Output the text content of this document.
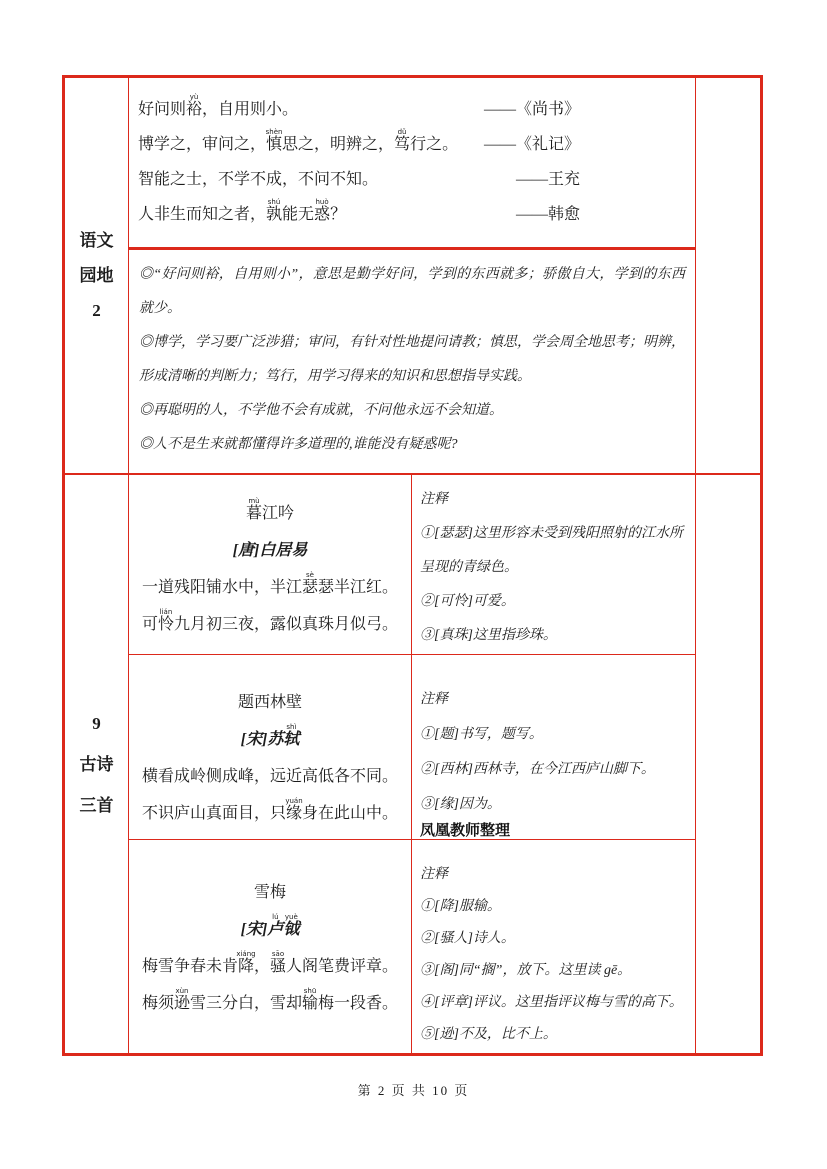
语文
园地
2
好问则裕yù，自用则小。	——《尚书》
博学之，审问之，慎shèn思之，明辨之，笃dǔ行之。 ——《礼记》
智能之士，不学不成，不问不知。	——王充
人非生而知之者，孰shú能无惑huò？	——韩愈
◎“好问则裕，自用则小”，意思是勤学好问，学到的东西就多；骄傲自大，学到的东西就少。
◎博学，学习要广泛涉猎；审问，有针对性地提问请教；慎思，学会周全地思考；明辨，形成清晰的判断力；笃行，用学习得来的知识和思想指导实践。
◎再聪明的人，不学他不会有成就，不问他永远不会知道。
◎人不是生来就都懂得许多道理的,谁能没有疑惑呢?
9
古诗
三首
暮mù江吟
[唐]白居易
一道残阳铺水中，半江瑟sè瑟半江红。
可怜lián九月初三夜，露似真珠月似弓。
注释
①[瑟瑟]这里形容未受到残阳照射的江水所呈现的青绿色。
②[可怜]可爱。
③[真珠]这里指珍珠。
题西林壁
[宋]苏轼shì
横看成岭侧成峰，远近高低各不同。
不识庐山真面目，只缘yuán身在此山中。
注释
①[题]书写，题写。
②[西林]西林寺，在今江西庐山脚下。
③[缘]因为。
凤凰教师整理
雪梅
[宋]卢lú钺yuè
梅雪争春未肯降xiáng，骚sāo人阁笔费评章。
梅须逊xùn雪三分白，雪却输shū梅一段香。
注释
①[降]服输。
②[骚人]诗人。
③[阁]同“搁”，放下。这里读 gē。
④[评章]评议。这里指评议梅与雪的高下。
⑤[逊]不及，比不上。
第 2 页 共 10 页
